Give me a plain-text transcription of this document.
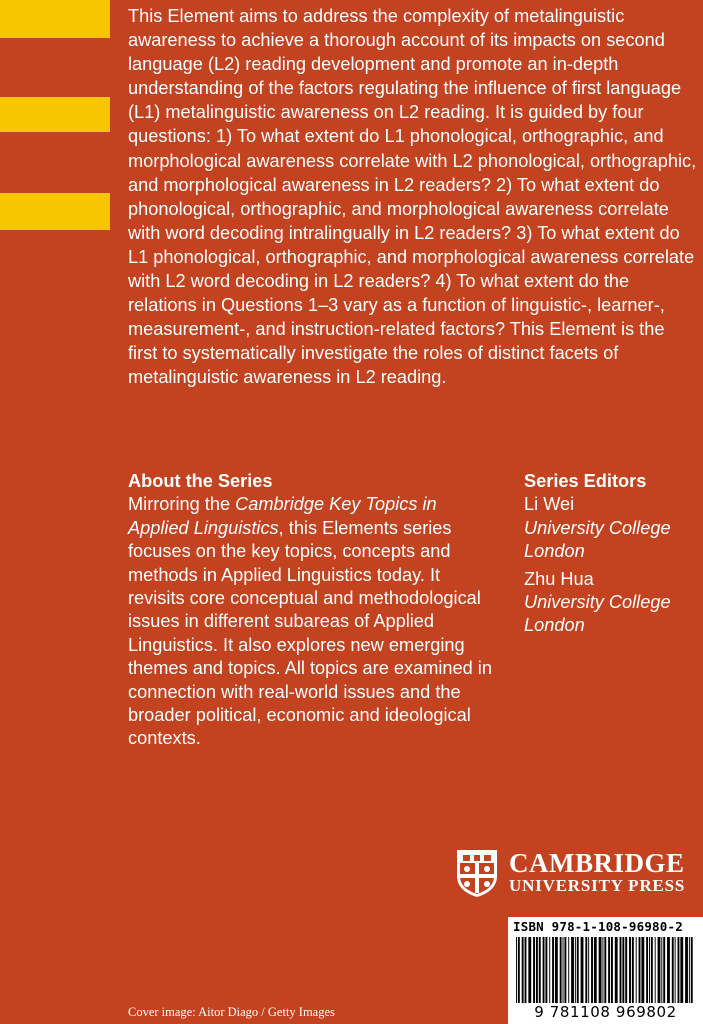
This Element aims to address the complexity of metalinguistic awareness to achieve a thorough account of its impacts on second language (L2) reading development and promote an in-depth understanding of the factors regulating the influence of first language (L1) metalinguistic awareness on L2 reading. It is guided by four questions: 1) To what extent do L1 phonological, orthographic, and morphological awareness correlate with L2 phonological, orthographic, and morphological awareness in L2 readers? 2) To what extent do phonological, orthographic, and morphological awareness correlate with word decoding intralingually in L2 readers? 3) To what extent do L1 phonological, orthographic, and morphological awareness correlate with L2 word decoding in L2 readers? 4) To what extent do the relations in Questions 1–3 vary as a function of linguistic-, learner-, measurement-, and instruction-related factors? This Element is the first to systematically investigate the roles of distinct facets of metalinguistic awareness in L2 reading.

About the Series

Mirroring the Cambridge Key Topics in Applied Linguistics, this Elements series focuses on the key topics, concepts and methods in Applied Linguistics today. It revisits core conceptual and methodological issues in different subareas of Applied Linguistics. It also explores new emerging themes and topics. All topics are examined in connection with real-world issues and the broader political, economic and ideological contexts.

Series Editors

Li Wei

University College London

Zhu Hua

University College London

CAMBRIDGE
UNIVERSITY PRESS
ISBN 978-1-108-96980-2
9 781108 969802
Cover image: Aitor Diago / Getty Images
